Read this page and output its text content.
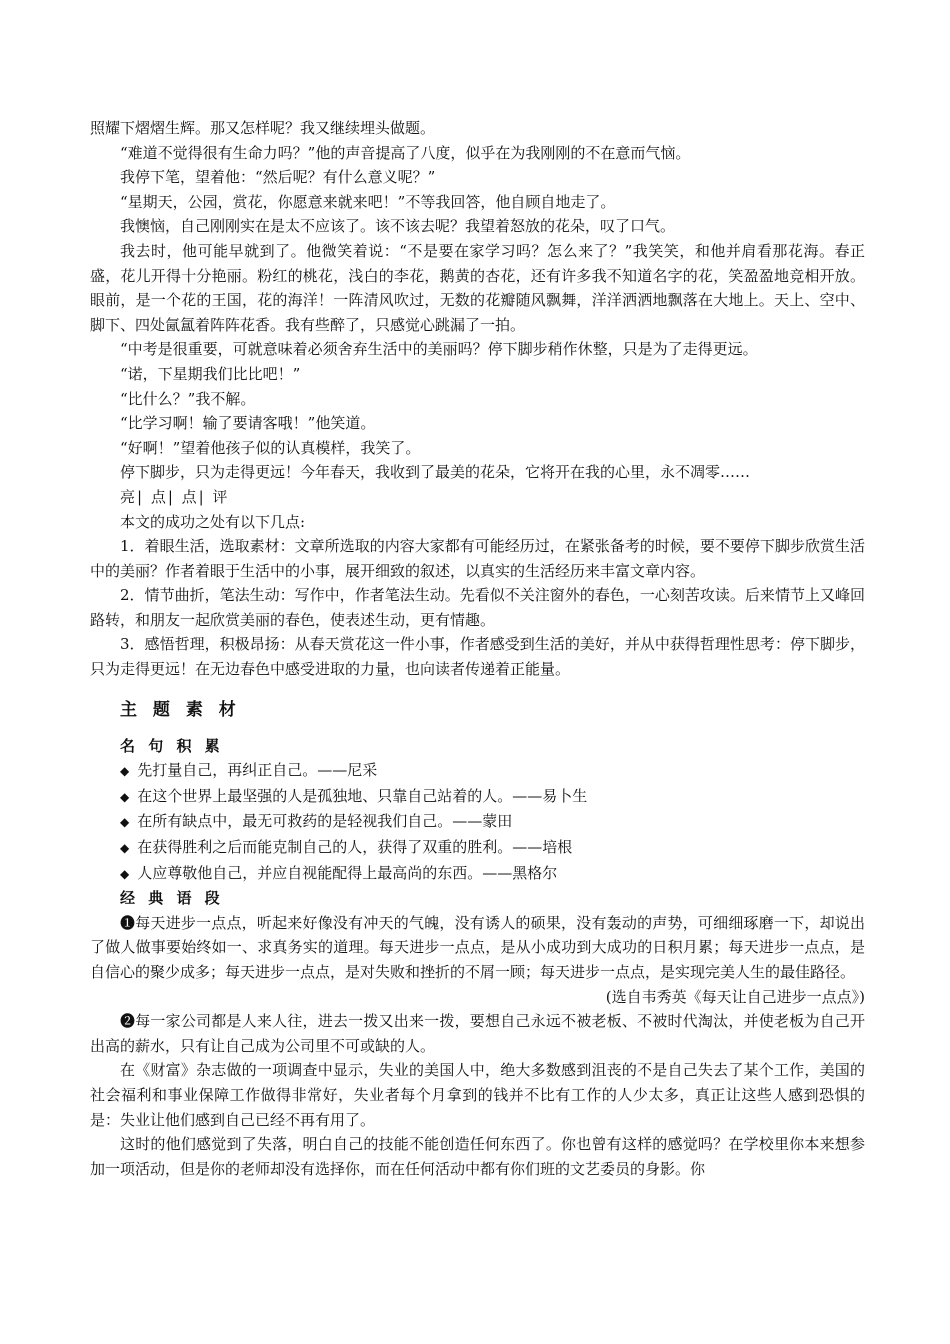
照耀下熠熠生辉。那又怎样呢？我又继续埋头做题。

“难道不觉得很有生命力吗？”他的声音提高了八度，似乎在为我刚刚的不在意而气恼。

我停下笔，望着他：“然后呢？有什么意义呢？”

“星期天，公园，赏花，你愿意来就来吧！”不等我回答，他自顾自地走了。

我懊恼，自己刚刚实在是太不应该了。该不该去呢？我望着怒放的花朵，叹了口气。

我去时，他可能早就到了。他微笑着说：“不是要在家学习吗？怎么来了？”我笑笑，和他并肩看那花海。春正盛，花儿开得十分艳丽。粉红的桃花，浅白的李花，鹅黄的杏花，还有许多我不知道名字的花，笑盈盈地竞相开放。眼前，是一个花的王国，花的海洋！一阵清风吹过，无数的花瓣随风飘舞，洋洋洒洒地飘落在大地上。天上、空中、脚下、四处氤氲着阵阵花香。我有些醉了，只感觉心跳漏了一拍。

“中考是很重要，可就意味着必须舍弃生活中的美丽吗？停下脚步稍作休整，只是为了走得更远。

“诺，下星期我们比比吧！”

“比什么？”我不解。

“比学习啊！输了要请客哦！”他笑道。

“好啊！”望着他孩子似的认真模样，我笑了。

停下脚步，只为走得更远！今年春天，我收到了最美的花朵，它将开在我的心里，永不凋零……

亮| 点| 点| 评

本文的成功之处有以下几点:

1．着眼生活，选取素材：文章所选取的内容大家都有可能经历过，在紧张备考的时候，要不要停下脚步欣赏生活中的美丽？作者着眼于生活中的小事，展开细致的叙述，以真实的生活经历来丰富文章内容。

2．情节曲折，笔法生动：写作中，作者笔法生动。先看似不关注窗外的春色，一心刻苦攻读。后来情节上又峰回路转，和朋友一起欣赏美丽的春色，使表述生动，更有情趣。

3．感悟哲理，积极昂扬：从春天赏花这一件小事，作者感受到生活的美好，并从中获得哲理性思考：停下脚步，只为走得更远！在无边春色中感受进取的力量，也向读者传递着正能量。

主 题 素 材
名 句 积 累

◆ 先打量自己，再纠正自己。——尼采

◆ 在这个世界上最坚强的人是孤独地、只靠自己站着的人。——易卜生

◆ 在所有缺点中，最无可救药的是轻视我们自己。——蒙田

◆ 在获得胜利之后而能克制自己的人，获得了双重的胜利。——培根

◆ 人应尊敬他自己，并应自视能配得上最高尚的东西。——黑格尔

经 典 语 段

❶每天进步一点点，听起来好像没有冲天的气魄，没有诱人的硕果，没有轰动的声势，可细细琢磨一下，却说出了做人做事要始终如一、求真务实的道理。每天进步一点点，是从小成功到大成功的日积月累；每天进步一点点，是自信心的聚少成多；每天进步一点点，是对失败和挫折的不屑一顾；每天进步一点点，是实现完美人生的最佳路径。

(选自韦秀英《每天让自己进步一点点》)

❷每一家公司都是人来人往，进去一拨又出来一拨，要想自己永远不被老板、不被时代淘汰，并使老板为自己开出高的薪水，只有让自己成为公司里不可或缺的人。

在《财富》杂志做的一项调查中显示，失业的美国人中，绝大多数感到沮丧的不是自己失去了某个工作，美国的社会福利和事业保障工作做得非常好，失业者每个月拿到的钱并不比有工作的人少太多，真正让这些人感到恐惧的是：失业让他们感到自己已经不再有用了。

这时的他们感觉到了失落，明白自己的技能不能创造任何东西了。你也曾有这样的感觉吗？在学校里你本来想参加一项活动，但是你的老师却没有选择你，而在任何活动中都有你们班的文艺委员的身影。你
